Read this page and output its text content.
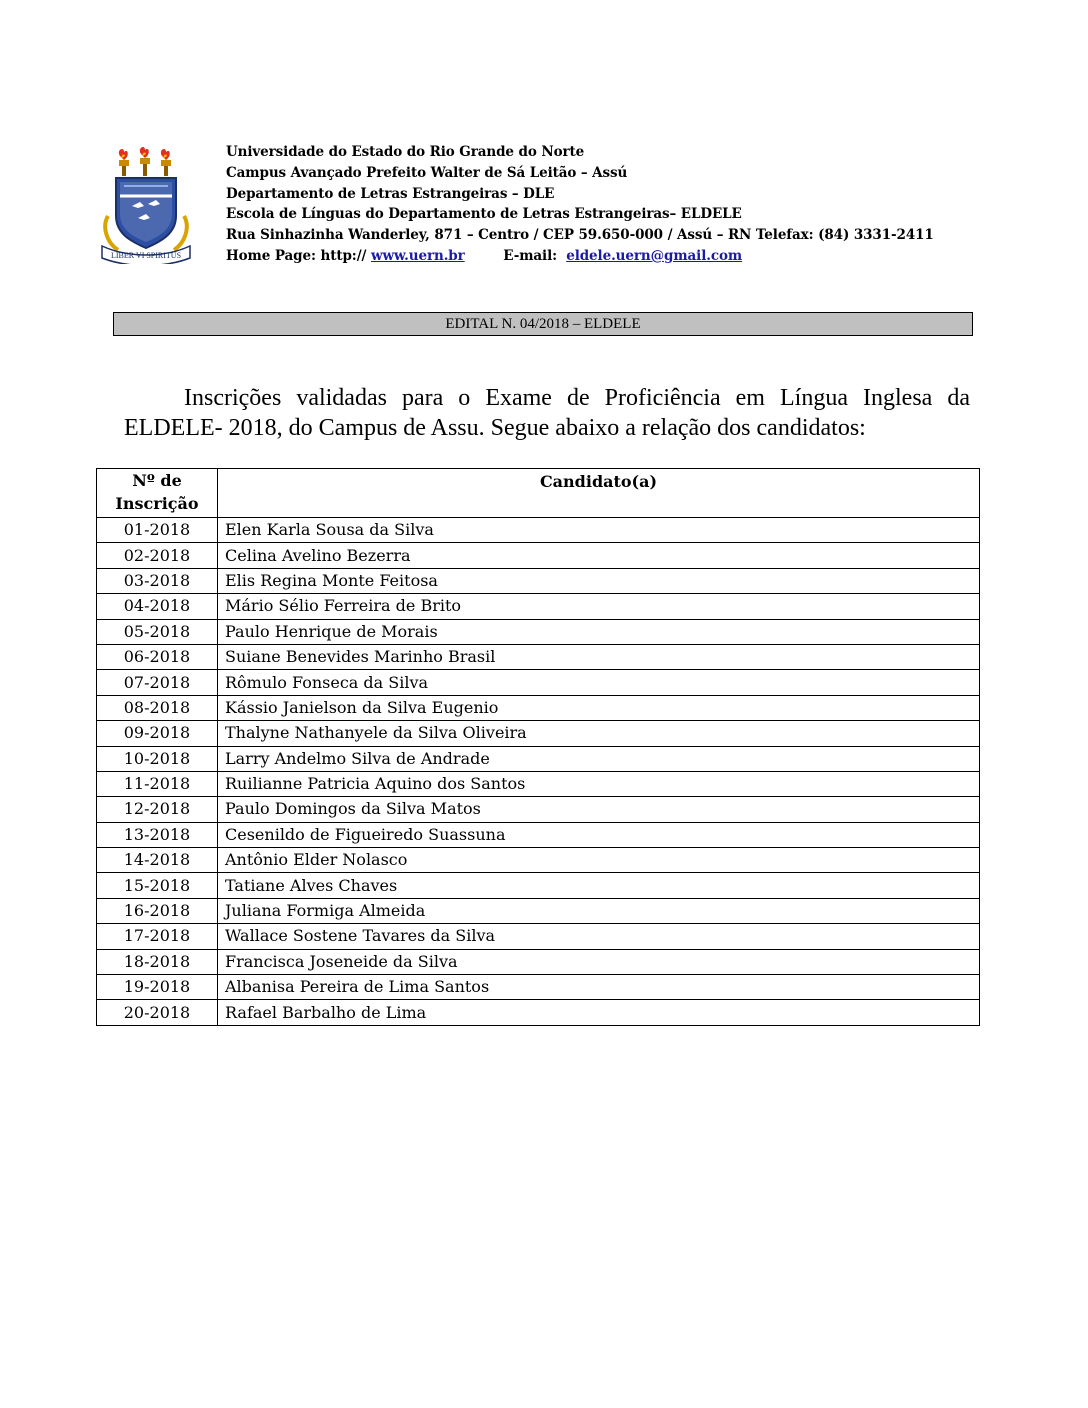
LIBER VI SPIRITUS
Universidade do Estado do Rio Grande do Norte
Campus Avançado Prefeito Walter de Sá Leitão – Assú
Departamento de Letras Estrangeiras – DLE
Escola de Línguas do Departamento de Letras Estrangeiras– ELDELE
Rua Sinhazinha Wanderley, 871 – Centro / CEP 59.650-000 / Assú – RN Telefax: (84) 3331-2411
Home Page: http:// www.uern.br	E-mail: eldele.uern@gmail.com
EDITAL N. 04/2018 – ELDELE
Inscrições validadas para o Exame de Proficiência em Língua Inglesa da ELDELE- 2018, do Campus de Assu. Segue abaixo a relação dos candidatos:
Nº de
Inscrição	Candidato(a)
01-2018	Elen Karla Sousa da Silva
02-2018	Celina Avelino Bezerra
03-2018	Elis Regina Monte Feitosa
04-2018	Mário Sélio Ferreira de Brito
05-2018	Paulo Henrique de Morais
06-2018	Suiane Benevides Marinho Brasil
07-2018	Rômulo Fonseca da Silva
08-2018	Kássio Janielson da Silva Eugenio
09-2018	Thalyne Nathanyele da Silva Oliveira
10-2018	Larry Andelmo Silva de Andrade
11-2018	Ruilianne Patricia Aquino dos Santos
12-2018	Paulo Domingos da Silva Matos
13-2018	Cesenildo de Figueiredo Suassuna
14-2018	Antônio Elder Nolasco
15-2018	Tatiane Alves Chaves
16-2018	Juliana Formiga Almeida
17-2018	Wallace Sostene Tavares da Silva
18-2018	Francisca Joseneide da Silva
19-2018	Albanisa Pereira de Lima Santos
20-2018	Rafael Barbalho de Lima
